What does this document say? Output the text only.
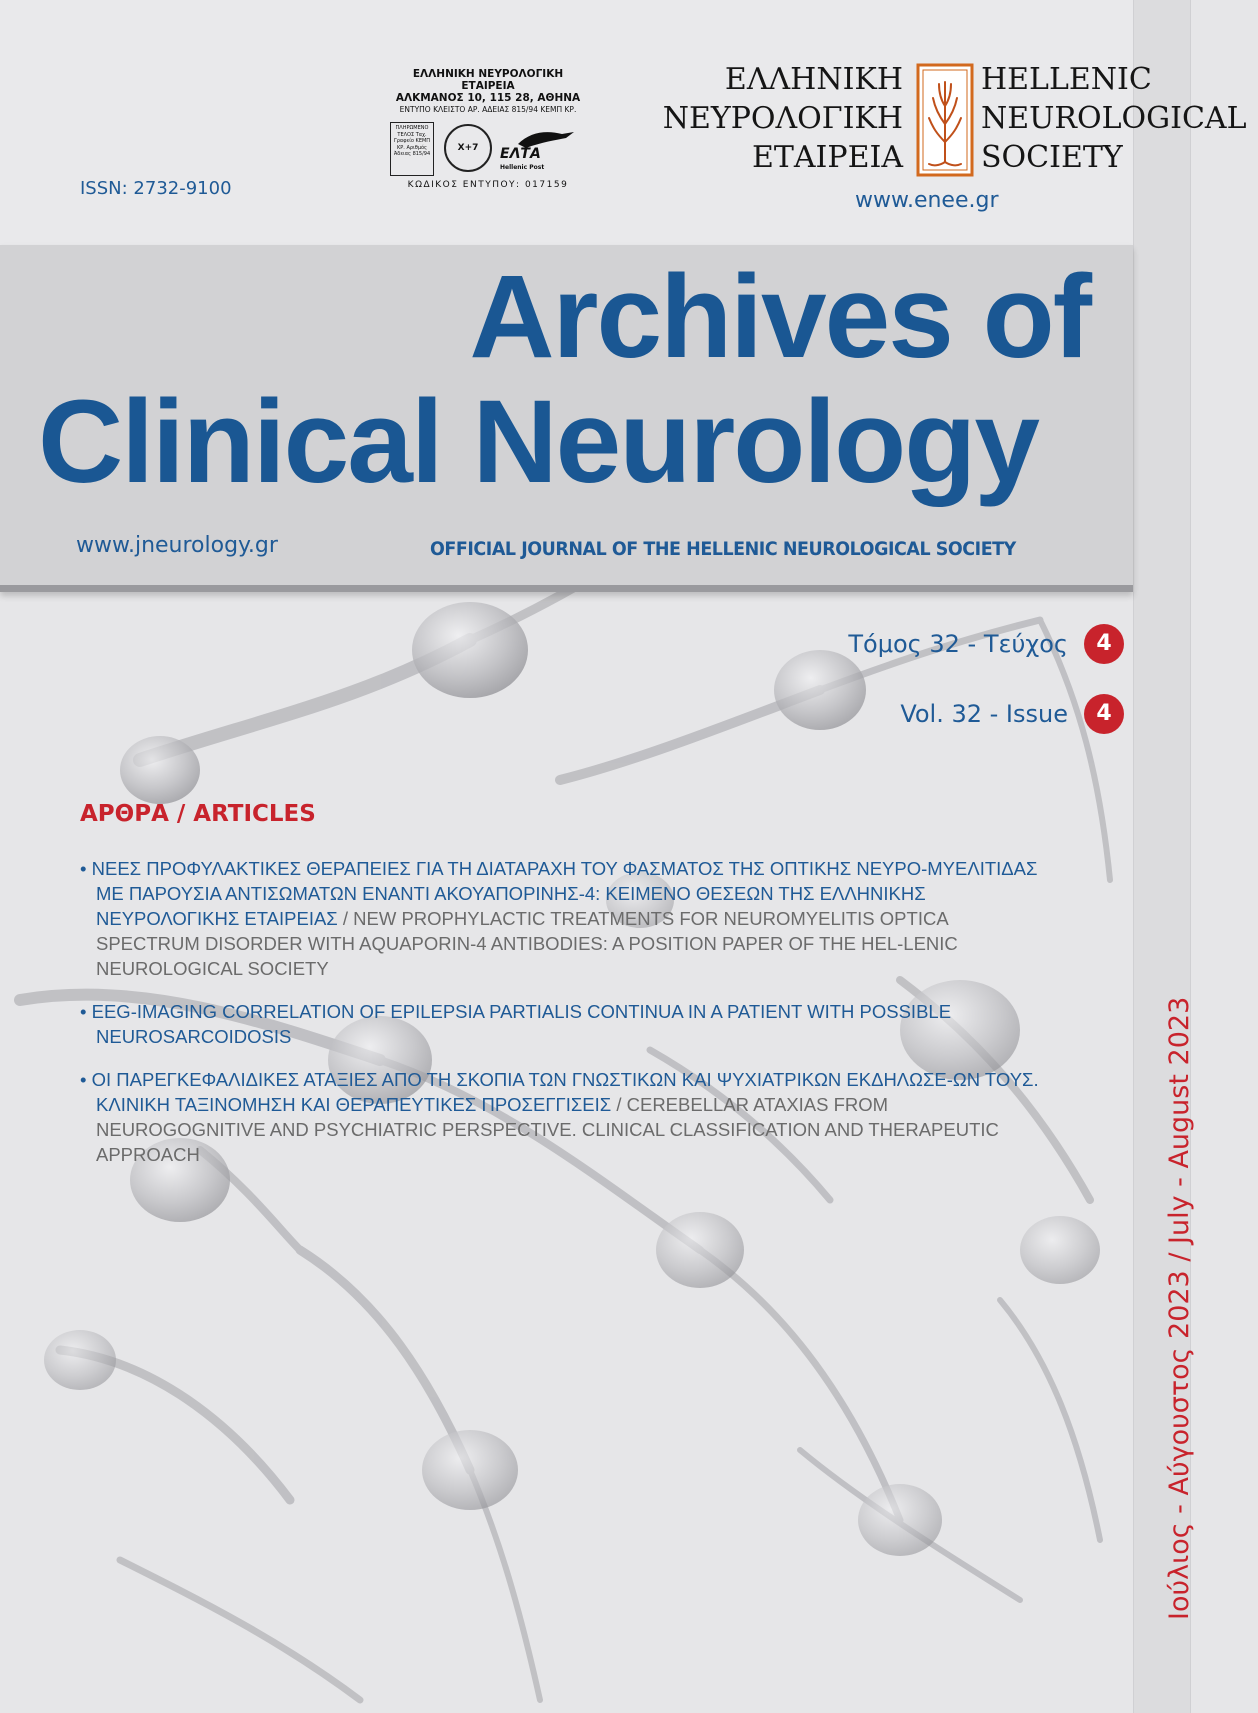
ISSN: 2732-9100
ΕΛΛΗΝΙΚΗ ΝΕΥΡΟΛΟΓΙΚΗ ΕΤΑΙΡΕΙΑ
ΑΛΚΜΑΝΟΣ 10, 115 28, ΑΘΗΝΑ
ΕΝΤΥΠΟ ΚΛΕΙΣΤΟ ΑΡ. ΑΔΕΙΑΣ 815/94 ΚΕΜΠ ΚΡ.
ΠΛΗΡΩΜΕΝΟ ΤΕΛΟΣ Ταχ. Γραφείο ΚΕΜΠ ΚΡ. Αριθμός Άδειας 815/94
X+7	ΕΛΤΑ
Hellenic Post
ΚΩΔΙΚΟΣ ΕΝΤΥΠΟΥ: 017159
ΕΛΛΗΝΙΚΗ
ΝΕΥΡΟΛΟΓΙΚΗ
ΕΤΑΙΡΕΙΑ
HELLENIC
NEUROLOGICAL
SOCIETY
www.enee.gr
Archives of
Clinical Neurology
www.jneurology.gr	OFFICIAL JOURNAL OF THE HELLENIC NEUROLOGICAL SOCIETY
Τόμος 32 - Τεύχος	4
Vol. 32 - Issue	4
ΑΡΘΡΑ / ARTICLES
• ΝΕΕΣ ΠΡΟΦΥΛΑΚΤΙΚΕΣ ΘΕΡΑΠΕΙΕΣ ΓΙΑ ΤΗ ΔΙΑΤΑΡΑΧΗ ΤΟΥ ΦΑΣΜΑΤΟΣ ΤΗΣ ΟΠΤΙΚΗΣ ΝΕΥΡΟ-ΜΥΕΛΙΤΙΔΑΣ ΜΕ ΠΑΡΟΥΣΙΑ ΑΝΤΙΣΩΜΑΤΩΝ ΕΝΑΝΤΙ ΑΚΟΥΑΠΟΡΙΝΗΣ-4: ΚΕΙΜΕΝΟ ΘΕΣΕΩΝ ΤΗΣ ΕΛΛΗΝΙΚΗΣ ΝΕΥΡΟΛΟΓΙΚΗΣ ΕΤΑΙΡΕΙΑΣ / NEW PROPHYLACTIC TREATMENTS FOR NEUROMYELITIS OPTICA SPECTRUM DISORDER WITH AQUAPORIN-4 ANTIBODIES: A POSITION PAPER OF THE HEL-LENIC NEUROLOGICAL SOCIETY
• EEG-IMAGING CORRELATION OF EPILEPSIA PARTIALIS CONTINUA IN A PATIENT WITH POSSIBLE NEUROSARCOIDOSIS
• ΟΙ ΠΑΡΕΓΚΕΦΑΛΙΔΙΚΕΣ ΑΤΑΞΙΕΣ ΑΠΟ ΤΗ ΣΚΟΠΙΑ ΤΩΝ ΓΝΩΣΤΙΚΩΝ ΚΑΙ ΨΥΧΙΑΤΡΙΚΩΝ ΕΚΔΗΛΩΣΕ-ΩΝ ΤΟΥΣ. ΚΛΙΝΙΚΗ ΤΑΞΙΝΟΜΗΣΗ ΚΑΙ ΘΕΡΑΠΕΥΤΙΚΕΣ ΠΡΟΣΕΓΓΙΣΕΙΣ / CEREBELLAR ATAXIAS FROM NEUROGOGNITIVE AND PSYCHIATRIC PERSPECTIVE. CLINICAL CLASSIFICATION AND THERAPEUTIC APPROACH	Ιούλιος - Αύγουστος 2023 / July - August 2023
